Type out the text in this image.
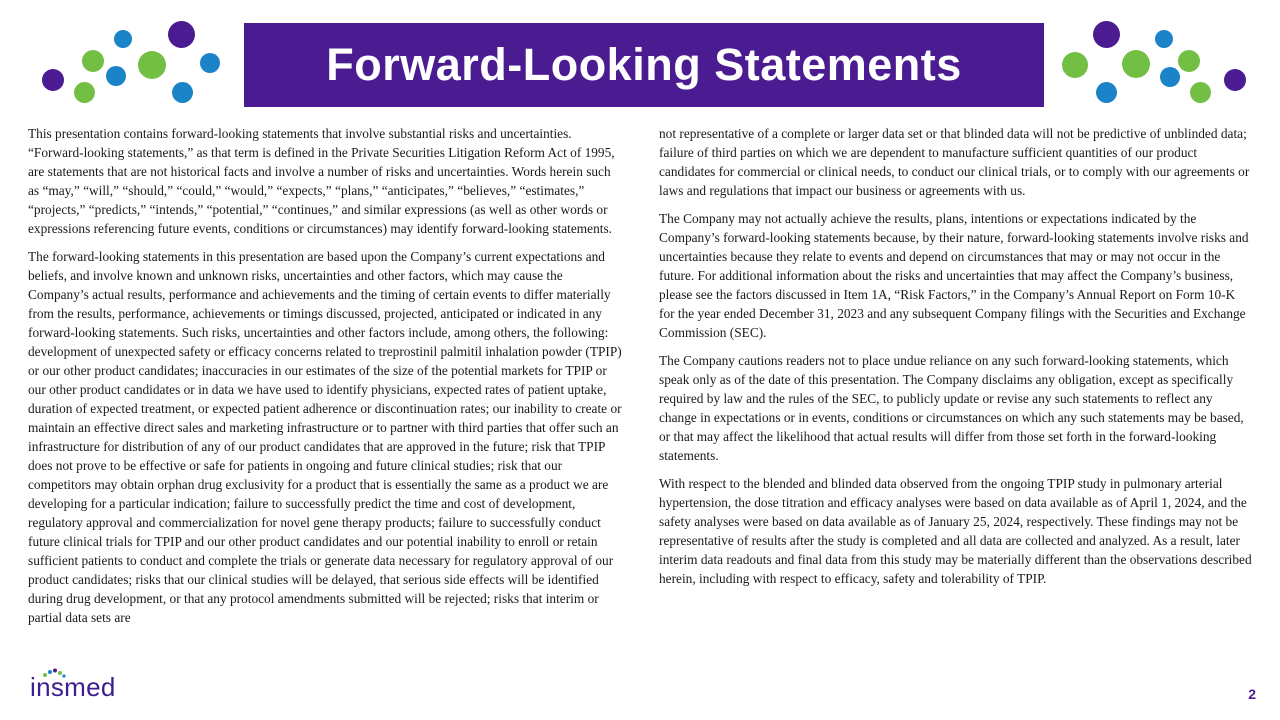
Forward-Looking Statements

This presentation contains forward-looking statements that involve substantial risks and uncertainties. “Forward-looking statements,” as that term is defined in the Private Securities Litigation Reform Act of 1995, are statements that are not historical facts and involve a number of risks and uncertainties. Words herein such as “may,” “will,” “should,” “could,” “would,” “expects,” “plans,” “anticipates,” “believes,” “estimates,” “projects,” “predicts,” “intends,” “potential,” “continues,” and similar expressions (as well as other words or expressions referencing future events, conditions or circumstances) may identify forward-looking statements.

The forward-looking statements in this presentation are based upon the Company’s current expectations and beliefs, and involve known and unknown risks, uncertainties and other factors, which may cause the Company’s actual results, performance and achievements and the timing of certain events to differ materially from the results, performance, achievements or timings discussed, projected, anticipated or indicated in any forward-looking statements. Such risks, uncertainties and other factors include, among others, the following: development of unexpected safety or efficacy concerns related to treprostinil palmitil inhalation powder (TPIP) or our other product candidates; inaccuracies in our estimates of the size of the potential markets for TPIP or our other product candidates or in data we have used to identify physicians, expected rates of patient uptake, duration of expected treatment, or expected patient adherence or discontinuation rates; our inability to create or maintain an effective direct sales and marketing infrastructure or to partner with third parties that offer such an infrastructure for distribution of any of our product candidates that are approved in the future; risk that TPIP does not prove to be effective or safe for patients in ongoing and future clinical studies; risk that our competitors may obtain orphan drug exclusivity for a product that is essentially the same as a product we are developing for a particular indication; failure to successfully predict the time and cost of development, regulatory approval and commercialization for novel gene therapy products; failure to successfully conduct future clinical trials for TPIP and our other product candidates and our potential inability to enroll or retain sufficient patients to conduct and complete the trials or generate data necessary for regulatory approval of our product candidates; risks that our clinical studies will be delayed, that serious side effects will be identified during drug development, or that any protocol amendments submitted will be rejected; risks that interim or partial data sets are

not representative of a complete or larger data set or that blinded data will not be predictive of unblinded data; failure of third parties on which we are dependent to manufacture sufficient quantities of our product candidates for commercial or clinical needs, to conduct our clinical trials, or to comply with our agreements or laws and regulations that impact our business or agreements with us.

The Company may not actually achieve the results, plans, intentions or expectations indicated by the Company’s forward-looking statements because, by their nature, forward-looking statements involve risks and uncertainties because they relate to events and depend on circumstances that may or may not occur in the future. For additional information about the risks and uncertainties that may affect the Company’s business, please see the factors discussed in Item 1A, “Risk Factors,” in the Company’s Annual Report on Form 10-K for the year ended December 31, 2023 and any subsequent Company filings with the Securities and Exchange Commission (SEC).

The Company cautions readers not to place undue reliance on any such forward-looking statements, which speak only as of the date of this presentation. The Company disclaims any obligation, except as specifically required by law and the rules of the SEC, to publicly update or revise any such statements to reflect any change in expectations or in events, conditions or circumstances on which any such statements may be based, or that may affect the likelihood that actual results will differ from those set forth in the forward-looking statements.

With respect to the blended and blinded data observed from the ongoing TPIP study in pulmonary arterial hypertension, the dose titration and efficacy analyses were based on data available as of April 1, 2024, and the safety analyses were based on data available as of January 25, 2024, respectively. These findings may not be representative of results after the study is completed and all data are collected and analyzed. As a result, later interim data readouts and final data from this study may be materially different than the observations described herein, including with respect to efficacy, safety and tolerability of TPIP.

insmed	2
